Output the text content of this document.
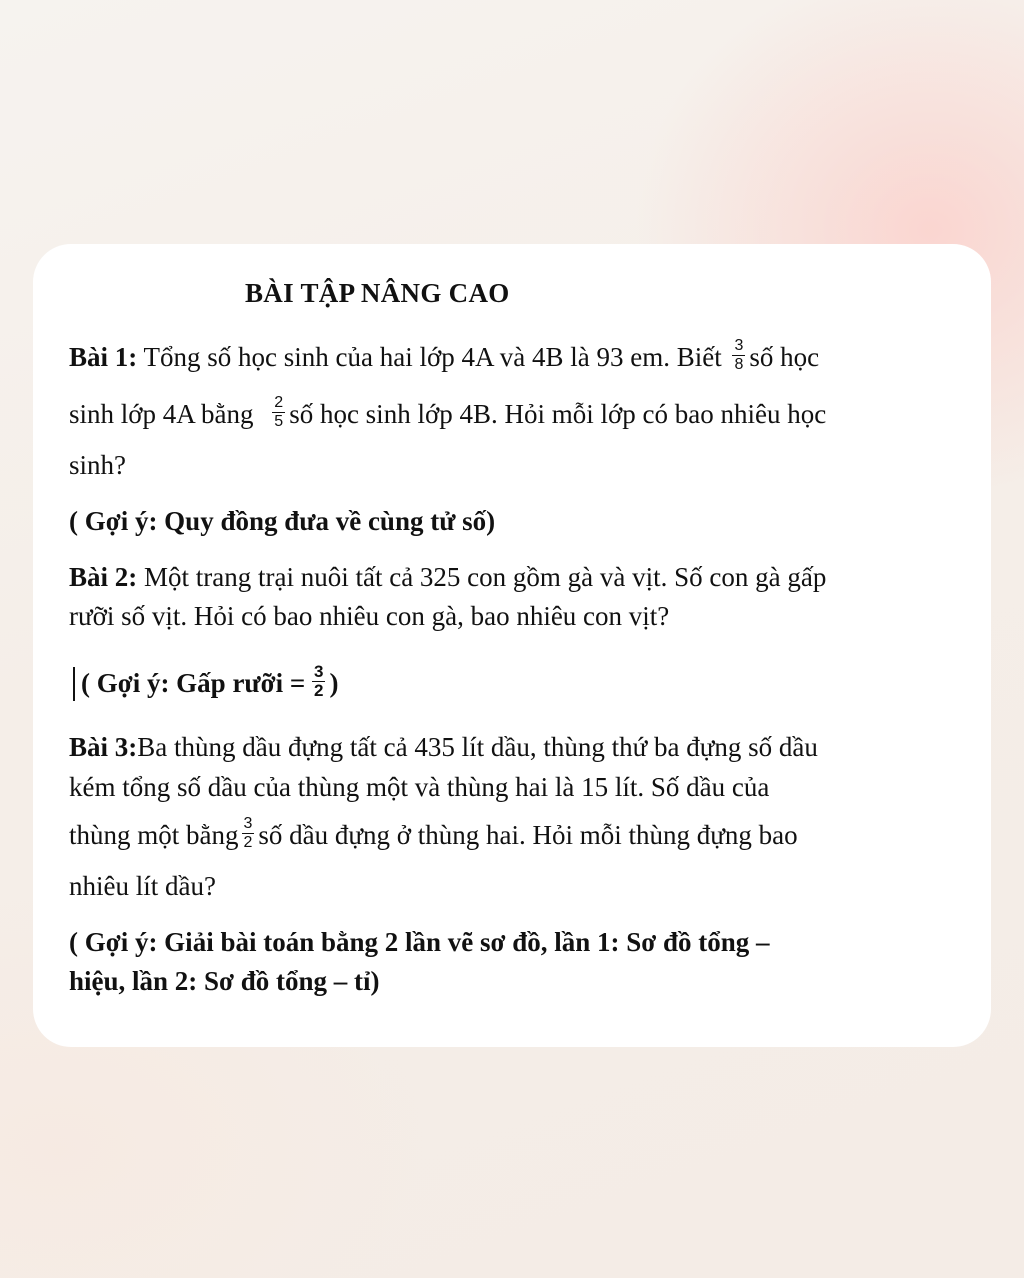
BÀI TẬP NÂNG CAO
Bài 1: Tổng số học sinh của hai lớp 4A và 4B là 93 em. Biết $\frac{3}{8}$ số học
sinh lớp 4A bằng $\frac{2}{5}$ số học sinh lớp 4B. Hỏi mỗi lớp có bao nhiêu học
sinh?
( Gợi ý: Quy đồng đưa về cùng tử số)
Bài 2: Một trang trại nuôi tất cả 325 con gồm gà và vịt. Số con gà gấp
rưỡi số vịt. Hỏi có bao nhiêu con gà, bao nhiêu con vịt?
( Gợi ý: Gấp rưỡi = $\frac{3}{2}$ )
Bài 3:Ba thùng dầu đựng tất cả 435 lít dầu, thùng thứ ba đựng số dầu
kém tổng số dầu của thùng một và thùng hai là 15 lít. Số dầu của
thùng một bằng $\frac{3}{2}$ số dầu đựng ở thùng hai. Hỏi mỗi thùng đựng bao
nhiêu lít dầu?
( Gợi ý: Giải bài toán bằng 2 lần vẽ sơ đồ, lần 1: Sơ đồ tổng –
hiệu, lần 2: Sơ đồ tổng – tỉ)
